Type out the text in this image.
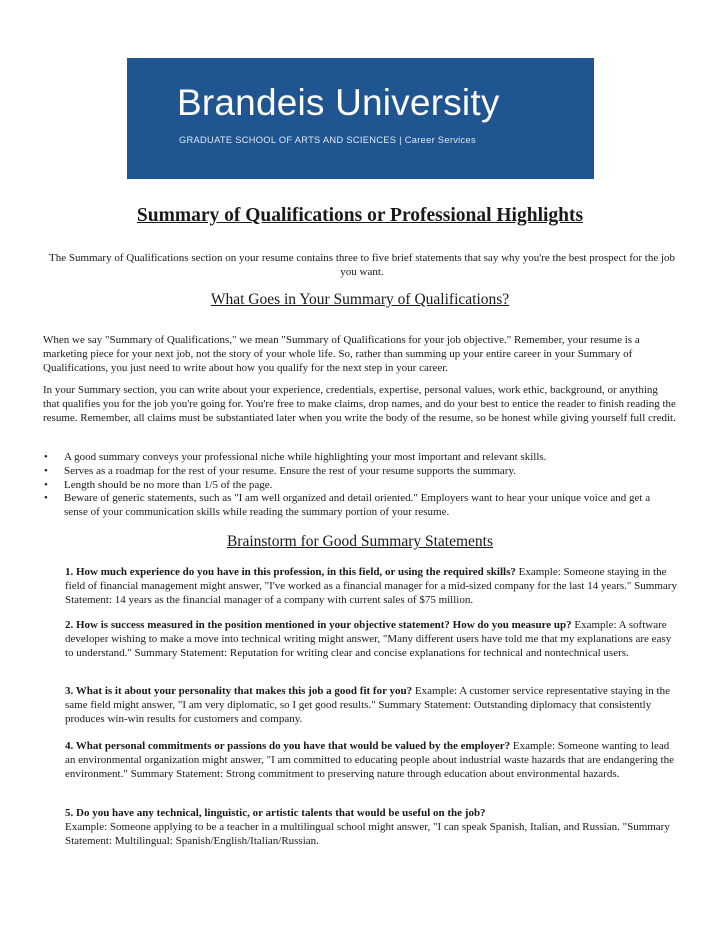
Brandeis University
GRADUATE SCHOOL OF ARTS AND SCIENCES | Career Services
Summary of Qualifications or Professional Highlights
The Summary of Qualifications section on your resume contains three to five brief statements that say why you're the best prospect for the job you want.
What Goes in Your Summary of Qualifications?
When we say "Summary of Qualifications," we mean "Summary of Qualifications for your job objective." Remember, your resume is a marketing piece for your next job, not the story of your whole life. So, rather than summing up your entire career in your Summary of Qualifications, you just need to write about how you qualify for the next step in your career.
In your Summary section, you can write about your experience, credentials, expertise, personal values, work ethic, background, or anything that qualifies you for the job you're going for. You're free to make claims, drop names, and do your best to entice the reader to finish reading the resume. Remember, all claims must be substantiated later when you write the body of the resume, so be honest while giving yourself full credit.
• A good summary conveys your professional niche while highlighting your most important and relevant skills.
• Serves as a roadmap for the rest of your resume. Ensure the rest of your resume supports the summary.
• Length should be no more than 1/5 of the page.
• Beware of generic statements, such as "I am well organized and detail oriented." Employers want to hear your unique voice and get a sense of your communication skills while reading the summary portion of your resume.
Brainstorm for Good Summary Statements
1. How much experience do you have in this profession, in this field, or using the required skills? Example: Someone staying in the field of financial management might answer, "I've worked as a financial manager for a mid-sized company for the last 14 years." Summary Statement: 14 years as the financial manager of a company with current sales of $75 million.
2. How is success measured in the position mentioned in your objective statement? How do you measure up? Example: A software developer wishing to make a move into technical writing might answer, "Many different users have told me that my explanations are easy to understand." Summary Statement: Reputation for writing clear and concise explanations for technical and nontechnical users.
3. What is it about your personality that makes this job a good fit for you? Example: A customer service representative staying in the same field might answer, "I am very diplomatic, so I get good results." Summary Statement: Outstanding diplomacy that consistently produces win-win results for customers and company.
4. What personal commitments or passions do you have that would be valued by the employer? Example: Someone wanting to lead an environmental organization might answer, "I am committed to educating people about industrial waste hazards that are endangering the environment." Summary Statement: Strong commitment to preserving nature through education about environmental hazards.
5. Do you have any technical, linguistic, or artistic talents that would be useful on the job?
Example: Someone applying to be a teacher in a multilingual school might answer, "I can speak Spanish, Italian, and Russian. "Summary Statement: Multilingual: Spanish/English/Italian/Russian.
